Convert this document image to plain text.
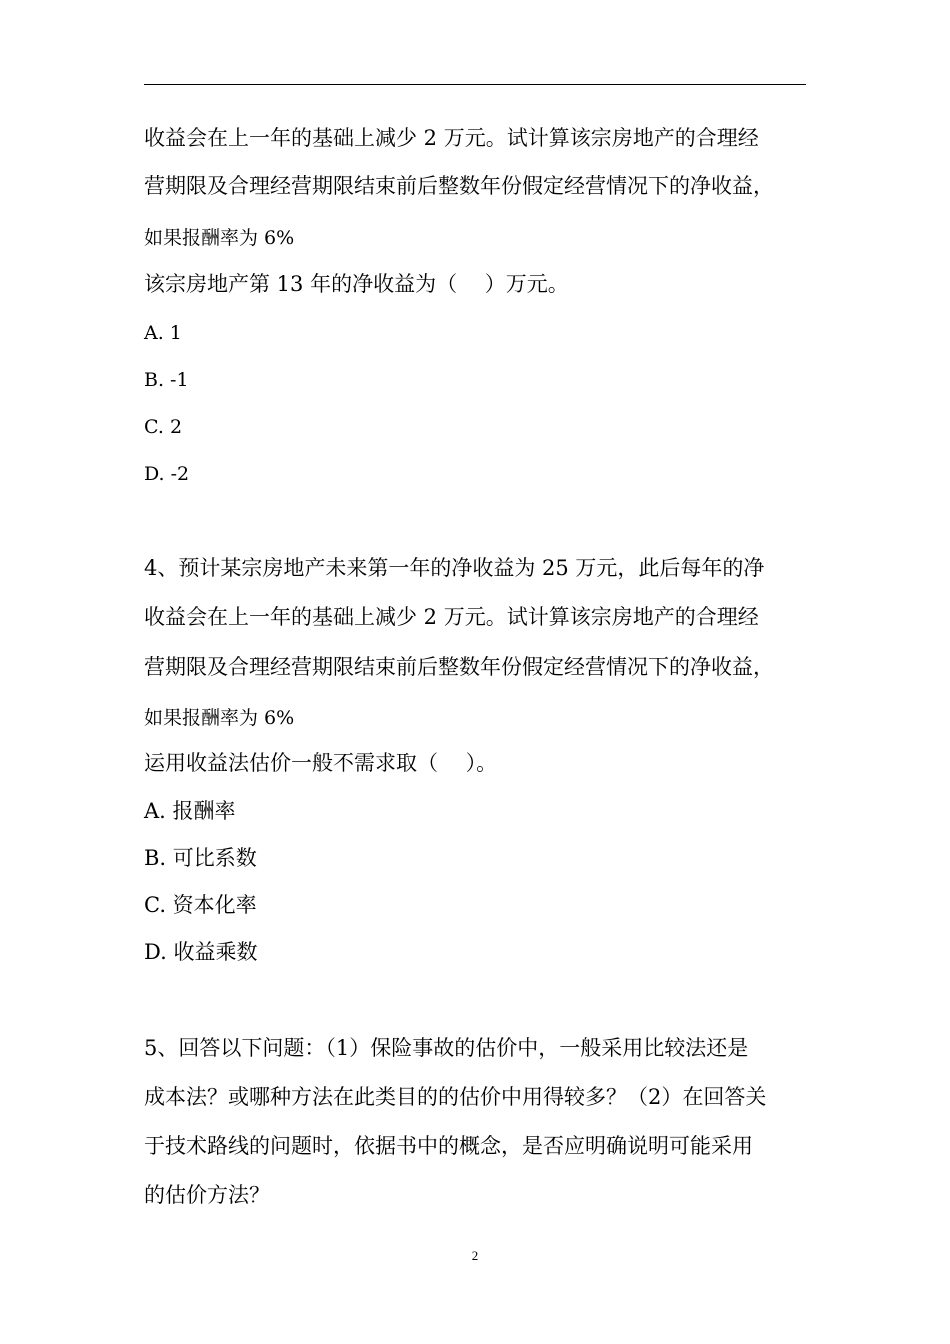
收益会在上一年的基础上减少 2 万元。试计算该宗房地产的合理经
营期限及合理经营期限结束前后整数年份假定经营情况下的净收益，
如果报酬率为 6%
该宗房地产第 13 年的净收益为（　 ）万元。
A. 1
B. -1
C. 2
D. -2
4、预计某宗房地产未来第一年的净收益为 25 万元，此后每年的净
收益会在上一年的基础上减少 2 万元。试计算该宗房地产的合理经
营期限及合理经营期限结束前后整数年份假定经营情况下的净收益，
如果报酬率为 6%
运用收益法估价一般不需求取（　 ）。
A. 报酬率
B. 可比系数
C. 资本化率
D. 收益乘数
5、回答以下问题：（1）保险事故的估价中，一般采用比较法还是
成本法？或哪种方法在此类目的的估价中用得较多？（2）在回答关
于技术路线的问题时，依据书中的概念，是否应明确说明可能采用
的估价方法？
2
